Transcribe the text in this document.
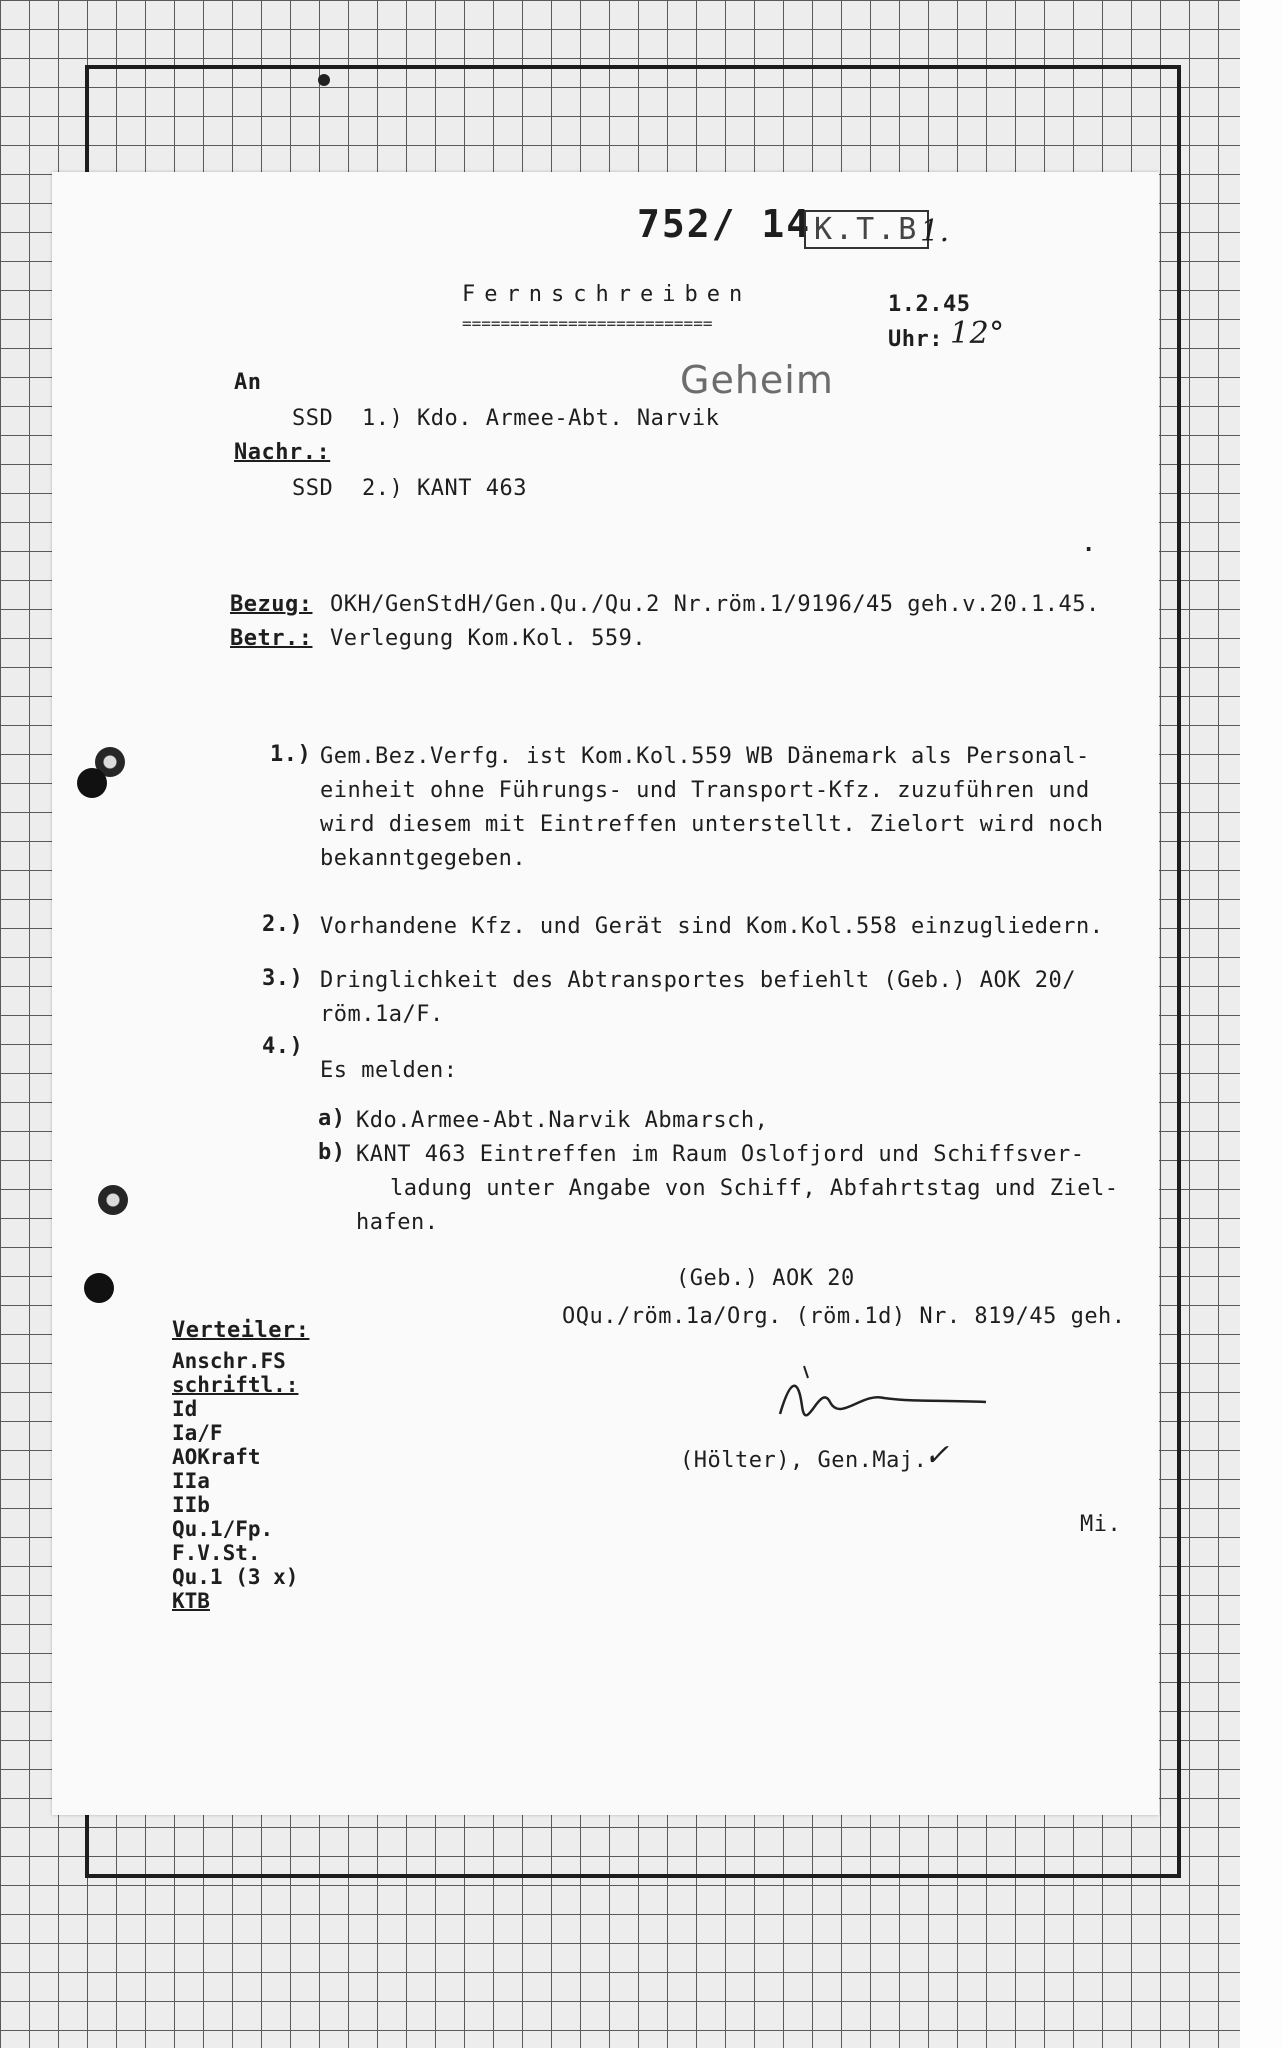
752/ 14 K.T.B 1.
Fernschreiben
==========================
1.2.45
Uhr: 12°
Geheim
An
SSD 1.) Kdo. Armee-Abt. Narvik
Nachr.:
SSD 2.) KANT 463
.
Bezug: OKH/GenStdH/Gen.Qu./Qu.2 Nr.röm.1/9196/45 geh.v.20.1.45.
Betr.: Verlegung Kom.Kol. 559.
1.) Gem.Bez.Verfg. ist Kom.Kol.559 WB Dänemark als Personal-
einheit ohne Führungs- und Transport-Kfz. zuzuführen und
wird diesem mit Eintreffen unterstellt. Zielort wird noch
bekanntgegeben.
2.) Vorhandene Kfz. und Gerät sind Kom.Kol.558 einzugliedern.
3.) Dringlichkeit des Abtransportes befiehlt (Geb.) AOK 20/
röm.1a/F.
4.)
Es melden:
a) Kdo.Armee-Abt.Narvik Abmarsch,
b) KANT 463 Eintreffen im Raum Oslofjord und Schiffsver-
ladung unter Angabe von Schiff, Abfahrtstag und Ziel-
hafen.
(Geb.) AOK 20
OQu./röm.1a/Org. (röm.1d) Nr. 819/45 geh.
(Hölter), Gen.Maj.
✓
Mi.
Verteiler:
Anschr.FS
schriftl.:
Id
Ia/F
AOKraft
IIa
IIb
Qu.1/Fp.
F.V.St.
Qu.1 (3 x)
KTB
